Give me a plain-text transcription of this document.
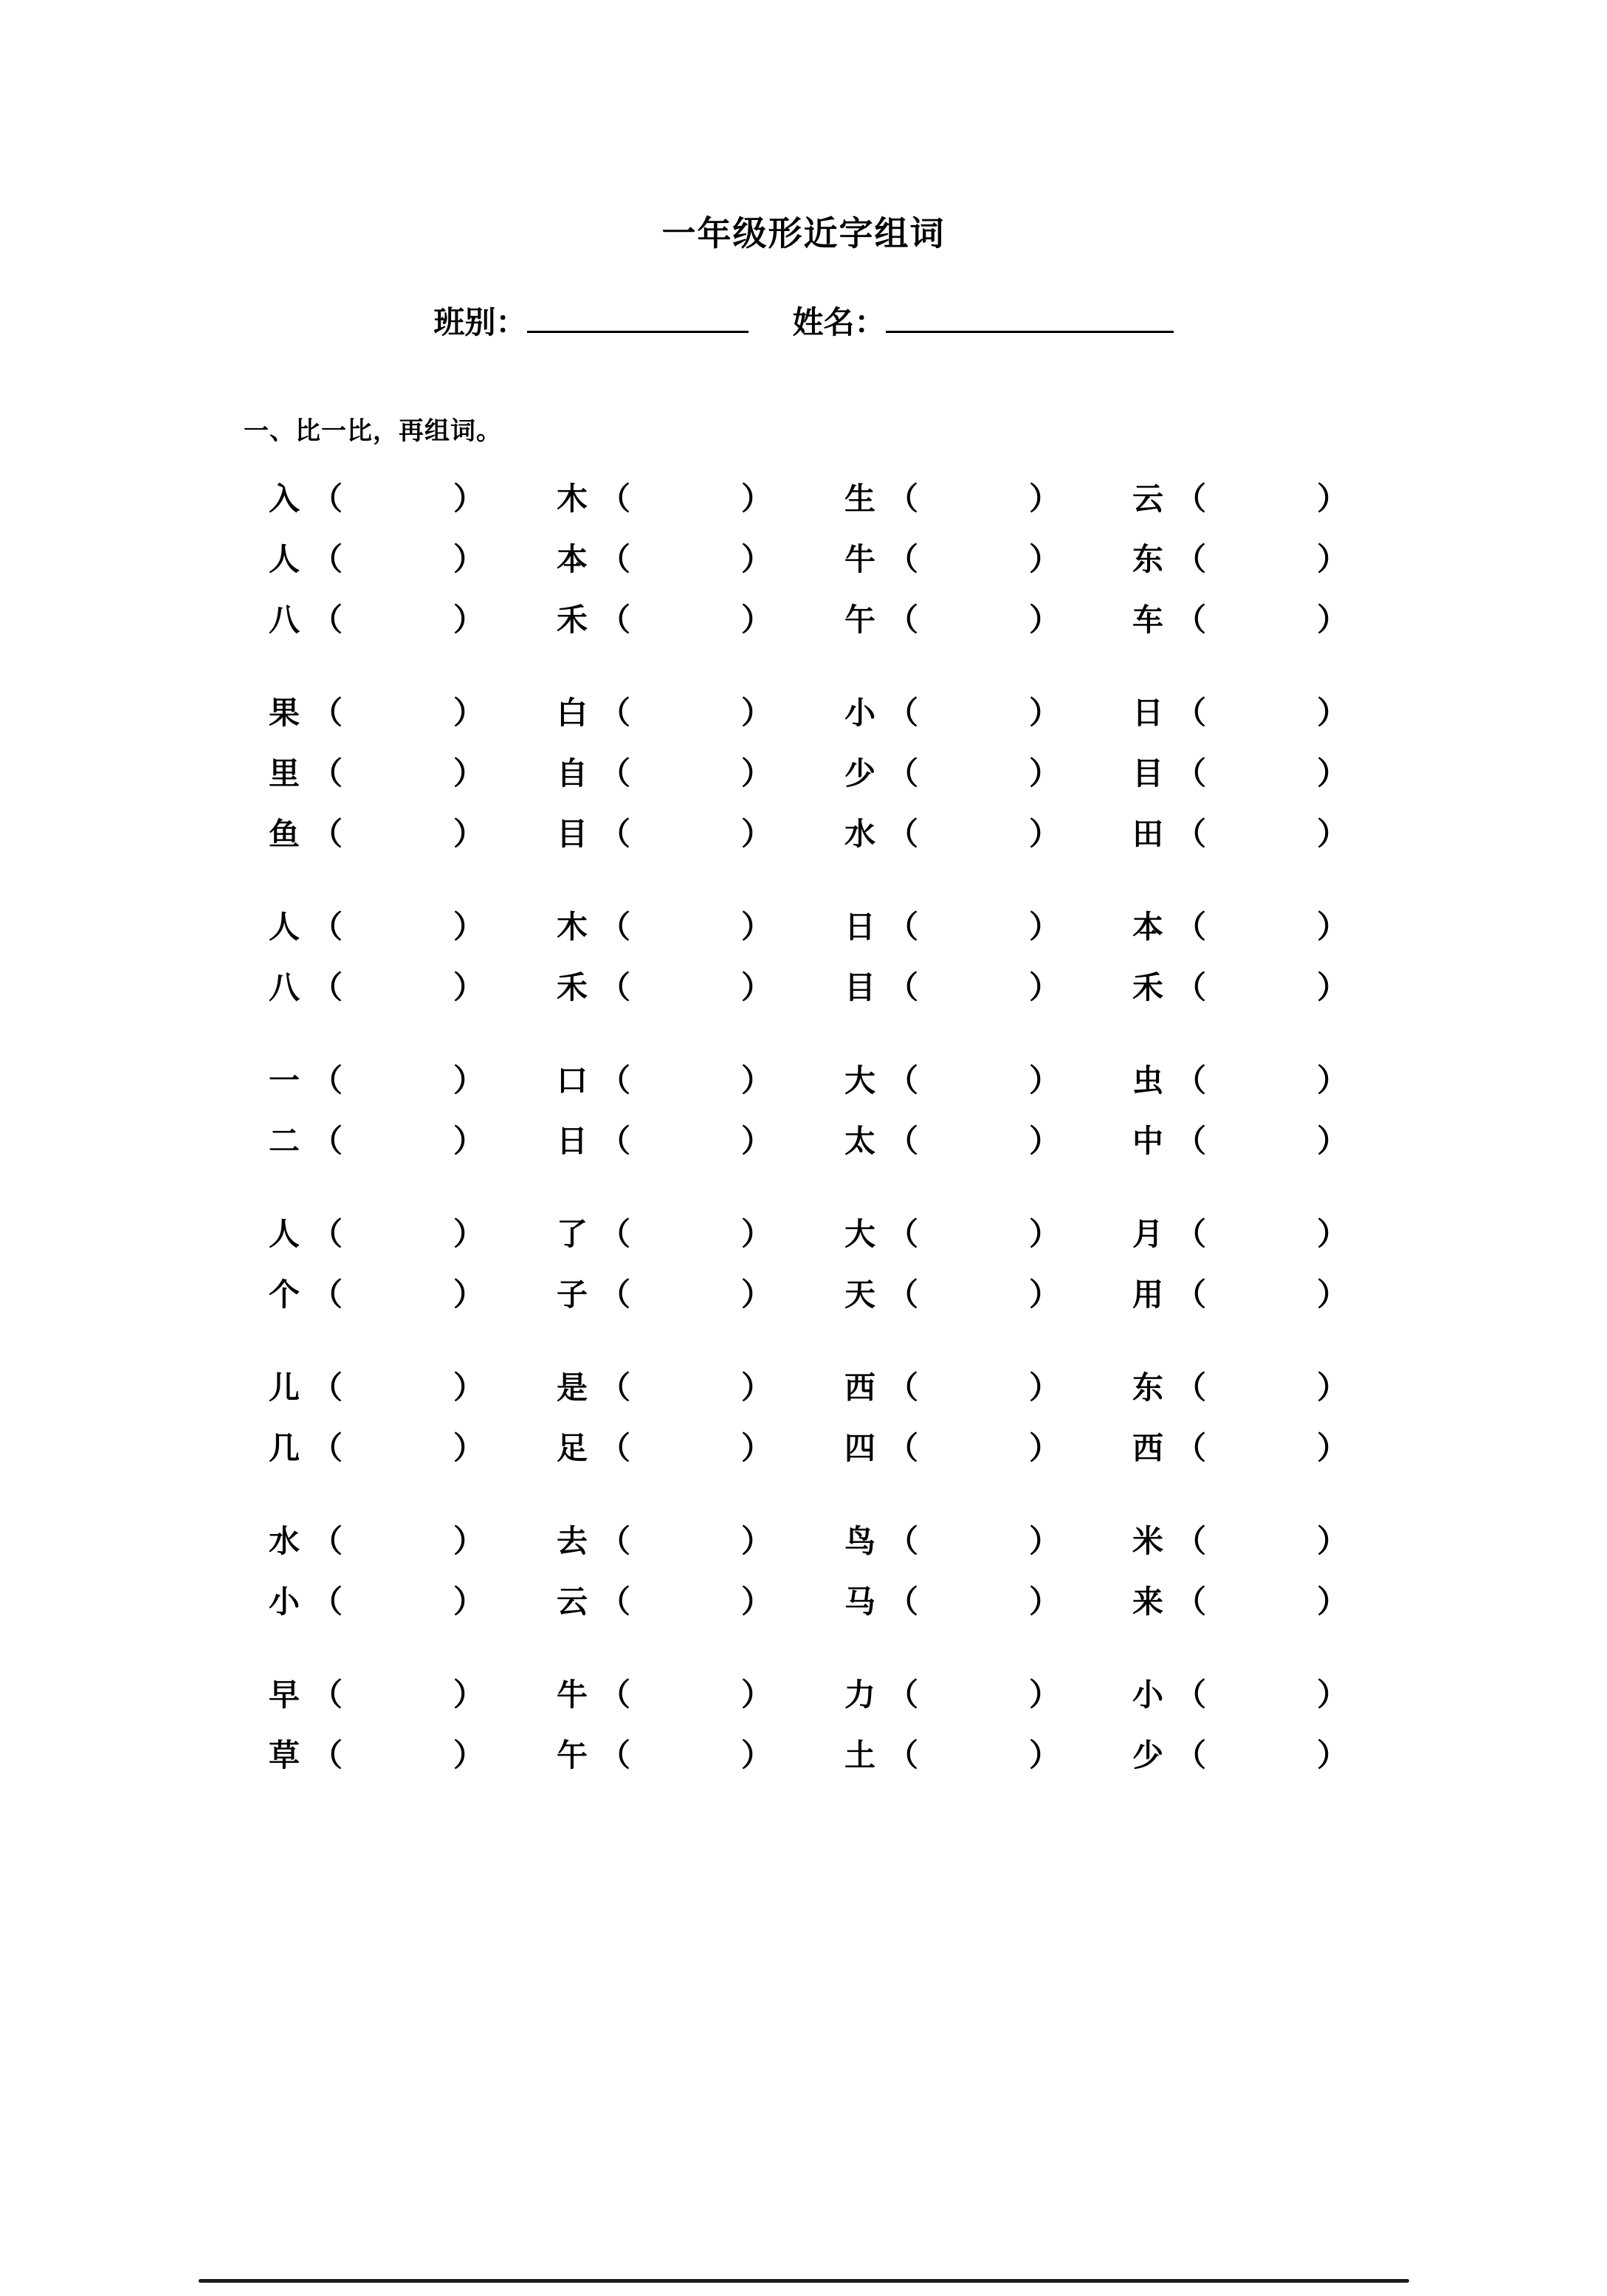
一年级形近字组词
班别：	姓名：
一、比一比，再组词。
入 （	） 木 （	） 生 （	） 云 （	）
人 （	） 本 （	） 牛 （	） 东 （	）
八 （	） 禾 （	） 午 （	） 车 （	）
果 （	） 白 （	） 小 （	） 日 （	）
里 （	） 自 （	） 少 （	） 目 （	）
鱼 （	） 目 （	） 水 （	） 田 （	）
人 （	） 木 （	） 日 （	） 本 （	）
八 （	） 禾 （	） 目 （	） 禾 （	）
一 （	） 口 （	） 大 （	） 虫 （	）
二 （	） 日 （	） 太 （	） 中 （	）
人 （	） 了 （	） 大 （	） 月 （	）
个 （	） 子 （	） 天 （	） 用 （	）
儿 （	） 是 （	） 西 （	） 东 （	）
几 （	） 足 （	） 四 （	） 西 （	）
水 （	） 去 （	） 鸟 （	） 米 （	）
小 （	） 云 （	） 马 （	） 来 （	）
早 （	） 牛 （	） 力 （	） 小 （	）
草 （	） 午 （	） 土 （	） 少 （	）
